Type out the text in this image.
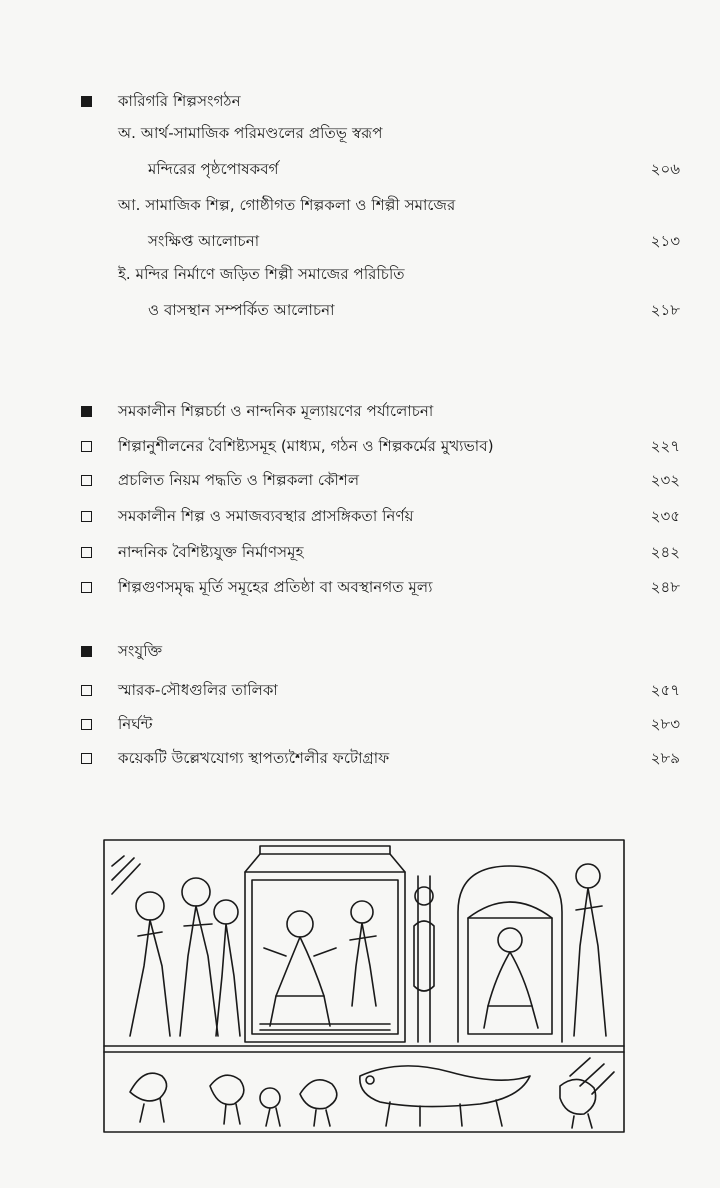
কারিগরি শিল্পসংগঠন
অ. আর্থ-সামাজিক পরিমণ্ডলের প্রতিভূ স্বরূপ
মন্দিরের পৃষ্ঠপোষকবর্গ	২০৬
আ. সামাজিক শিল্প, গোষ্ঠীগত শিল্পকলা ও শিল্পী সমাজের
সংক্ষিপ্ত আলোচনা	২১৩
ই. মন্দির নির্মাণে জড়িত শিল্পী সমাজের পরিচিতি
ও বাসস্থান সম্পর্কিত আলোচনা	২১৮
সমকালীন শিল্পচর্চা ও নান্দনিক মূল্যায়ণের পর্যালোচনা
শিল্পানুশীলনের বৈশিষ্ট্যসমূহ (মাধ্যম, গঠন ও শিল্পকর্মের মুখ্যভাব)	২২৭
প্রচলিত নিয়ম পদ্ধতি ও শিল্পকলা কৌশল	২৩২
সমকালীন শিল্প ও সমাজব্যবস্থার প্রাসঙ্গিকতা নির্ণয়	২৩৫
নান্দনিক বৈশিষ্ট্যযুক্ত নির্মাণসমূহ	২৪২
শিল্পগুণসমৃদ্ধ মূর্তি সমূহের প্রতিষ্ঠা বা অবস্থানগত মূল্য	২৪৮
সংযুক্তি
স্মারক-সৌধগুলির তালিকা	২৫৭
নির্ঘন্ট	২৮৩
কয়েকটি উল্লেখযোগ্য স্থাপত্যশৈলীর ফটোগ্রাফ	২৮৯
